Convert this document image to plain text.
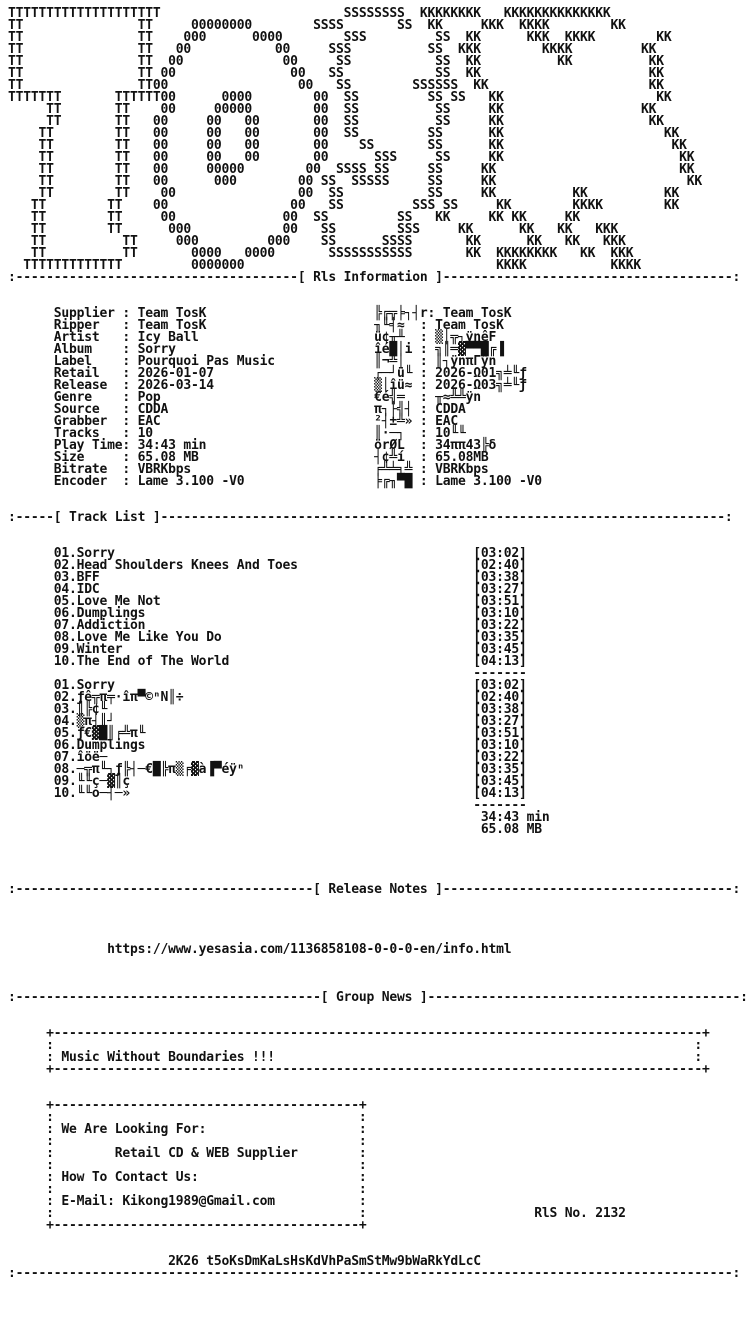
TTTTTTTTTTTTTTTTTTTT                        SSSSSSSS  KKKKKKKK   KKKKKKKKKKKKKK
TT               TT     00000000        SSSS       SS  KK     KKK  KKKK        KK
TT               TT    000      0000        SSS         SS  KK      KKK  KKKK        KK
TT               TT   00           00     SSS          SS  KKK        KKKK         KK
TT               TT  00             00     SS           SS  KK          KK          KK
TT               TT 00               00   SS            SS  KK                      KK
TT               TT00                 00   SS        SSSSSS  KK                     KK
TTTTTTT       TTTTTT00      0000        00  SS         SS SS   KK                    KK
TT       TT    00     00000        00  SS          SS     KK                  KK
TT       TT   00     00   00       00  SS          SS     KK                   KK
TT        TT   00     00   00       00  SS         SS      KK                     KK
TT        TT   00     00   00       00    SS       SS      KK                      KK
TT        TT   00     00   00       00      SSS     SS     KK                       KK
TT        TT   00     00000        00  SSSS SS     SS     KK                        KK
TT        TT   00      000        00 SS  SSSSS     SS     KK                         KK
TT        TT    00                00  SS           SS     KK          KK          KK
TT        TT    00                00   SS         SSS SS     KK        KKKK        KK
TT        TT     00              00  SS         SS   KK     KK KK     KK
TT        TT      000            00   SS        SSS     KK      KK   KK   KKK
TT          TT     000         000    SS      SSSS       KK      KK   KK   KKK
TT          TT       0000   0000       SSSSSSSSSSS       KK  KKKKKKKK   KK  KKK
TTTTTTTTTTTTT         0000000                                 KKKK           KKKK
:-------------------------------------[ Rls Information ]--------------------------------------:
Supplier : Team TosK                      ╠╔╦╞┐┤r: Team TosK
Ripper   : Team TosK                      ╖╙╡≈  : Team TosK
Artist   : Icy Ball                       ü¢╥╨  : ▒│╦┐ÿnêF
Album    : Sorry                          îé█│i : ╗║═▓▀▀█╔▐
Label    : Pourquoi Pas Music             ║¬╩│  : ║┐ÿnπΓÿn
Retail   : 2026-01-07                     ┌─┘ü╙ : 2026-Ω01╗╧╙ƒ
Release  : 2026-03-14                     ▒│îü≈ : 2026-Ω03╗╧╙ƒ
Genre    : Pop                            €é╣═  : ╥≈╩╩ÿn
Source   : CDDA                           π┐├╣┤ : CDDA
Grabber  : EAC                            ²┤±╩» : EAC
Tracks   : 10                             ║·─┐  : 10╙╙
Play Time: 34:43 min                      örØL  : 34ππ43╠δ
Size     : 65.08 MB                       ┤¢╩í  : 65.08MB
Bitrate  : VBRKbps                        ╒╩╧╕╩ : VBRKbps
Encoder  : Lame 3.100 -V0                 ╞╔╖▀█ : Lame 3.100 -V0
:-----[ Track List ]--------------------------------------------------------------------------:
01.Sorry                                               [03:02]
02.Head Shoulders Knees And Toes                       [02:40]
03.BFF                                                 [03:38]
04.IDC                                                 [03:27]
05.Love Me Not                                         [03:51]
06.Dumplings                                           [03:10]
07.Addiction                                           [03:22]
08.Love Me Like You Do                                 [03:35]
09.Winter                                              [03:45]
10.The End of The World                                [04:13]
-------
01.Sorry                                               [03:02]
02.ƒê╦π╤·îπ▀©ⁿN║÷                                      [02:40]
03.║╠¢╙                                                [03:38]
04.▒π┤║┘                                               [03:27]
05.ƒ€▓█║╒╩π╙                                           [03:51]
06.Dumplings                                           [03:10]
07.îöë─                                                [03:22]
08.─╦π╙┐ƒ╠┤─€█╠π▒╒▓à▐▀éÿⁿ                              [03:35]
09.╙╙ç─▓║ç                                             [03:45]
10.╙╙o─┤─»                                             [04:13]
-------
34:43 min
65.08 MB
:---------------------------------------[ Release Notes ]--------------------------------------:
https://www.yesasia.com/1136858108-0-0-0-en/info.html
:----------------------------------------[ Group News ]-----------------------------------------:
+-------------------------------------------------------------------------------------+
:                                                                                    :
: Music Without Boundaries !!!                                                       :
+-------------------------------------------------------------------------------------+
+----------------------------------------+
:                                        :
: We Are Looking For:                    :
:                                        :
:        Retail CD & WEB Supplier        :
:                                        :
: How To Contact Us:                     :
:                                        :
: E-Mail: Kikong1989@Gmail.com           :
:                                        :                      RlS No. 2132
+----------------------------------------+
2K26 t5oKsDmKaLsHsKdVhPaSmStMw9bWaRkYdLcC
:----------------------------------------------------------------------------------------------:
